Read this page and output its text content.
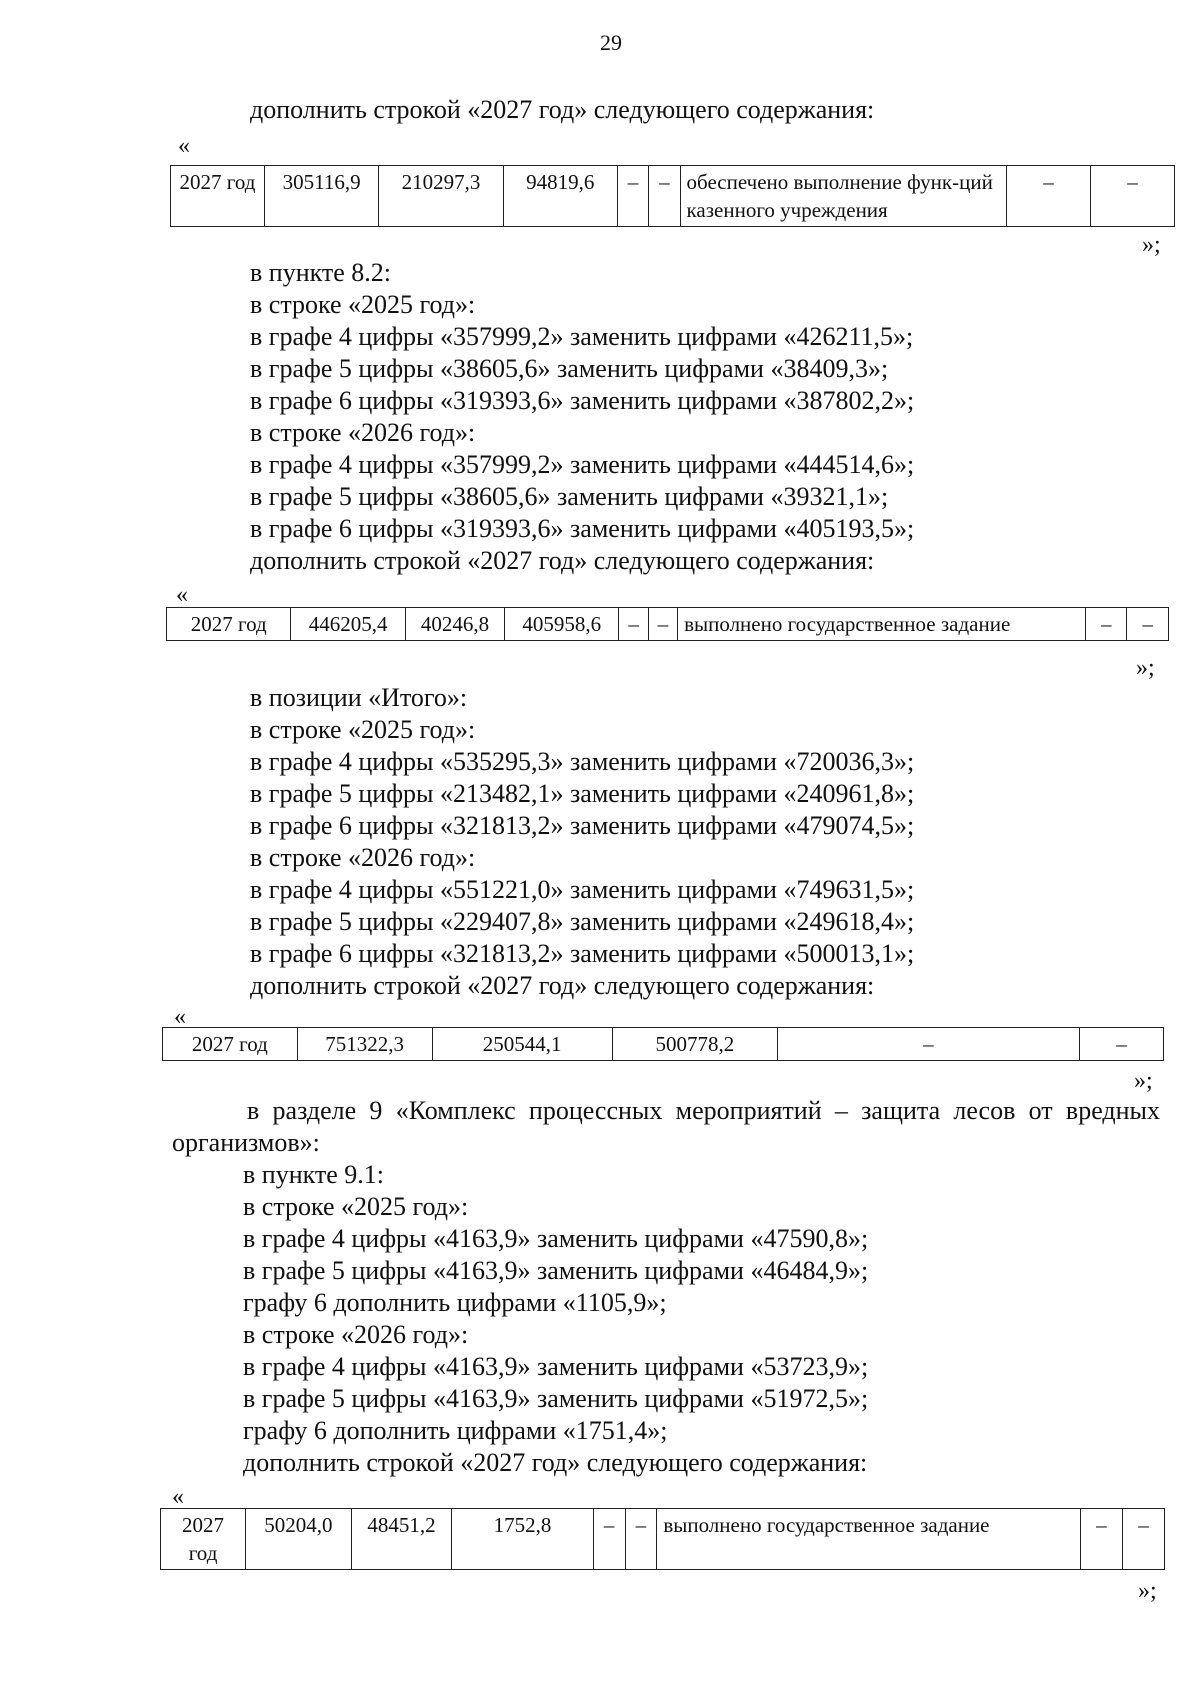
29
дополнить строкой «2027 год» следующего содержания:
«
2027 год	305116,9	210297,3	94819,6	–	–	обеспечено выполнение функ-ций казенного учреждения	–	–
»;
в пункте 8.2:
в строке «2025 год»:
в графе 4 цифры «357999,2» заменить цифрами «426211,5»;
в графе 5 цифры «38605,6» заменить цифрами «38409,3»;
в графе 6 цифры «319393,6» заменить цифрами «387802,2»;
в строке «2026 год»:
в графе 4 цифры «357999,2» заменить цифрами «444514,6»;
в графе 5 цифры «38605,6» заменить цифрами «39321,1»;
в графе 6 цифры «319393,6» заменить цифрами «405193,5»;
дополнить строкой «2027 год» следующего содержания:
«
2027 год	446205,4	40246,8	405958,6	–	–	выполнено государственное задание	–	–
»;
в позиции «Итого»:
в строке «2025 год»:
в графе 4 цифры «535295,3» заменить цифрами «720036,3»;
в графе 5 цифры «213482,1» заменить цифрами «240961,8»;
в графе 6 цифры «321813,2» заменить цифрами «479074,5»;
в строке «2026 год»:
в графе 4 цифры «551221,0» заменить цифрами «749631,5»;
в графе 5 цифры «229407,8» заменить цифрами «249618,4»;
в графе 6 цифры «321813,2» заменить цифрами «500013,1»;
дополнить строкой «2027 год» следующего содержания:
«
2027 год	751322,3	250544,1	500778,2	–	–
»;

в разделе 9 «Комплекс процессных мероприятий – защита лесов от вредных организмов»:

в пункте 9.1:
в строке «2025 год»:
в графе 4 цифры «4163,9» заменить цифрами «47590,8»;
в графе 5 цифры «4163,9» заменить цифрами «46484,9»;
графу 6 дополнить цифрами «1105,9»;
в строке «2026 год»:
в графе 4 цифры «4163,9» заменить цифрами «53723,9»;
в графе 5 цифры «4163,9» заменить цифрами «51972,5»;
графу 6 дополнить цифрами «1751,4»;
дополнить строкой «2027 год» следующего содержания:
«
2027 год	50204,0	48451,2	1752,8	–	–	выполнено государственное задание	–	–
»;
